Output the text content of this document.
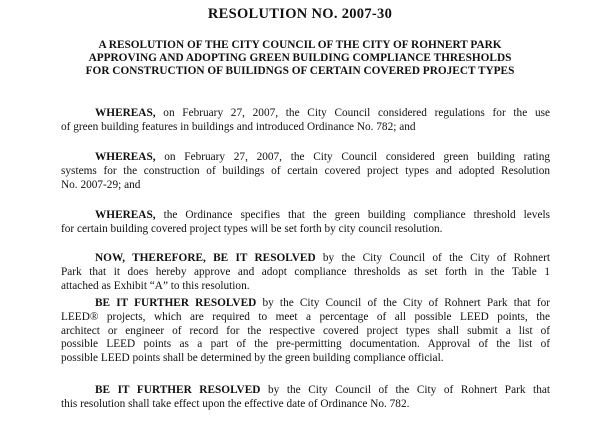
RESOLUTION NO. 2007-30
A RESOLUTION OF THE CITY COUNCIL OF THE CITY OF ROHNERT PARK
APPROVING AND ADOPTING GREEN BUILDING COMPLIANCE THRESHOLDS
FOR CONSTRUCTION OF BUILIDNGS OF CERTAIN COVERED PROJECT TYPES
WHEREAS, on February 27, 2007, the City Council considered regulations for the use
of green building features in buildings and introduced Ordinance No. 782; and
WHEREAS, on February 27, 2007, the City Council considered green building rating
systems for the construction of buildings of certain covered project types and adopted Resolution
No. 2007-29; and
WHEREAS, the Ordinance specifies that the green building compliance threshold levels
for certain building covered project types will be set forth by city council resolution.
NOW, THEREFORE, BE IT RESOLVED by the City Council of the City of Rohnert
Park that it does hereby approve and adopt compliance thresholds as set forth in the Table 1
attached as Exhibit “A” to this resolution.
BE IT FURTHER RESOLVED by the City Council of the City of Rohnert Park that for
LEED® projects, which are required to meet a percentage of all possible LEED points, the
architect or engineer of record for the respective covered project types shall submit a list of
possible LEED points as a part of the pre-permitting documentation. Approval of the list of
possible LEED points shall be determined by the green building compliance official.
BE IT FURTHER RESOLVED by the City Council of the City of Rohnert Park that
this resolution shall take effect upon the effective date of Ordinance No. 782.
